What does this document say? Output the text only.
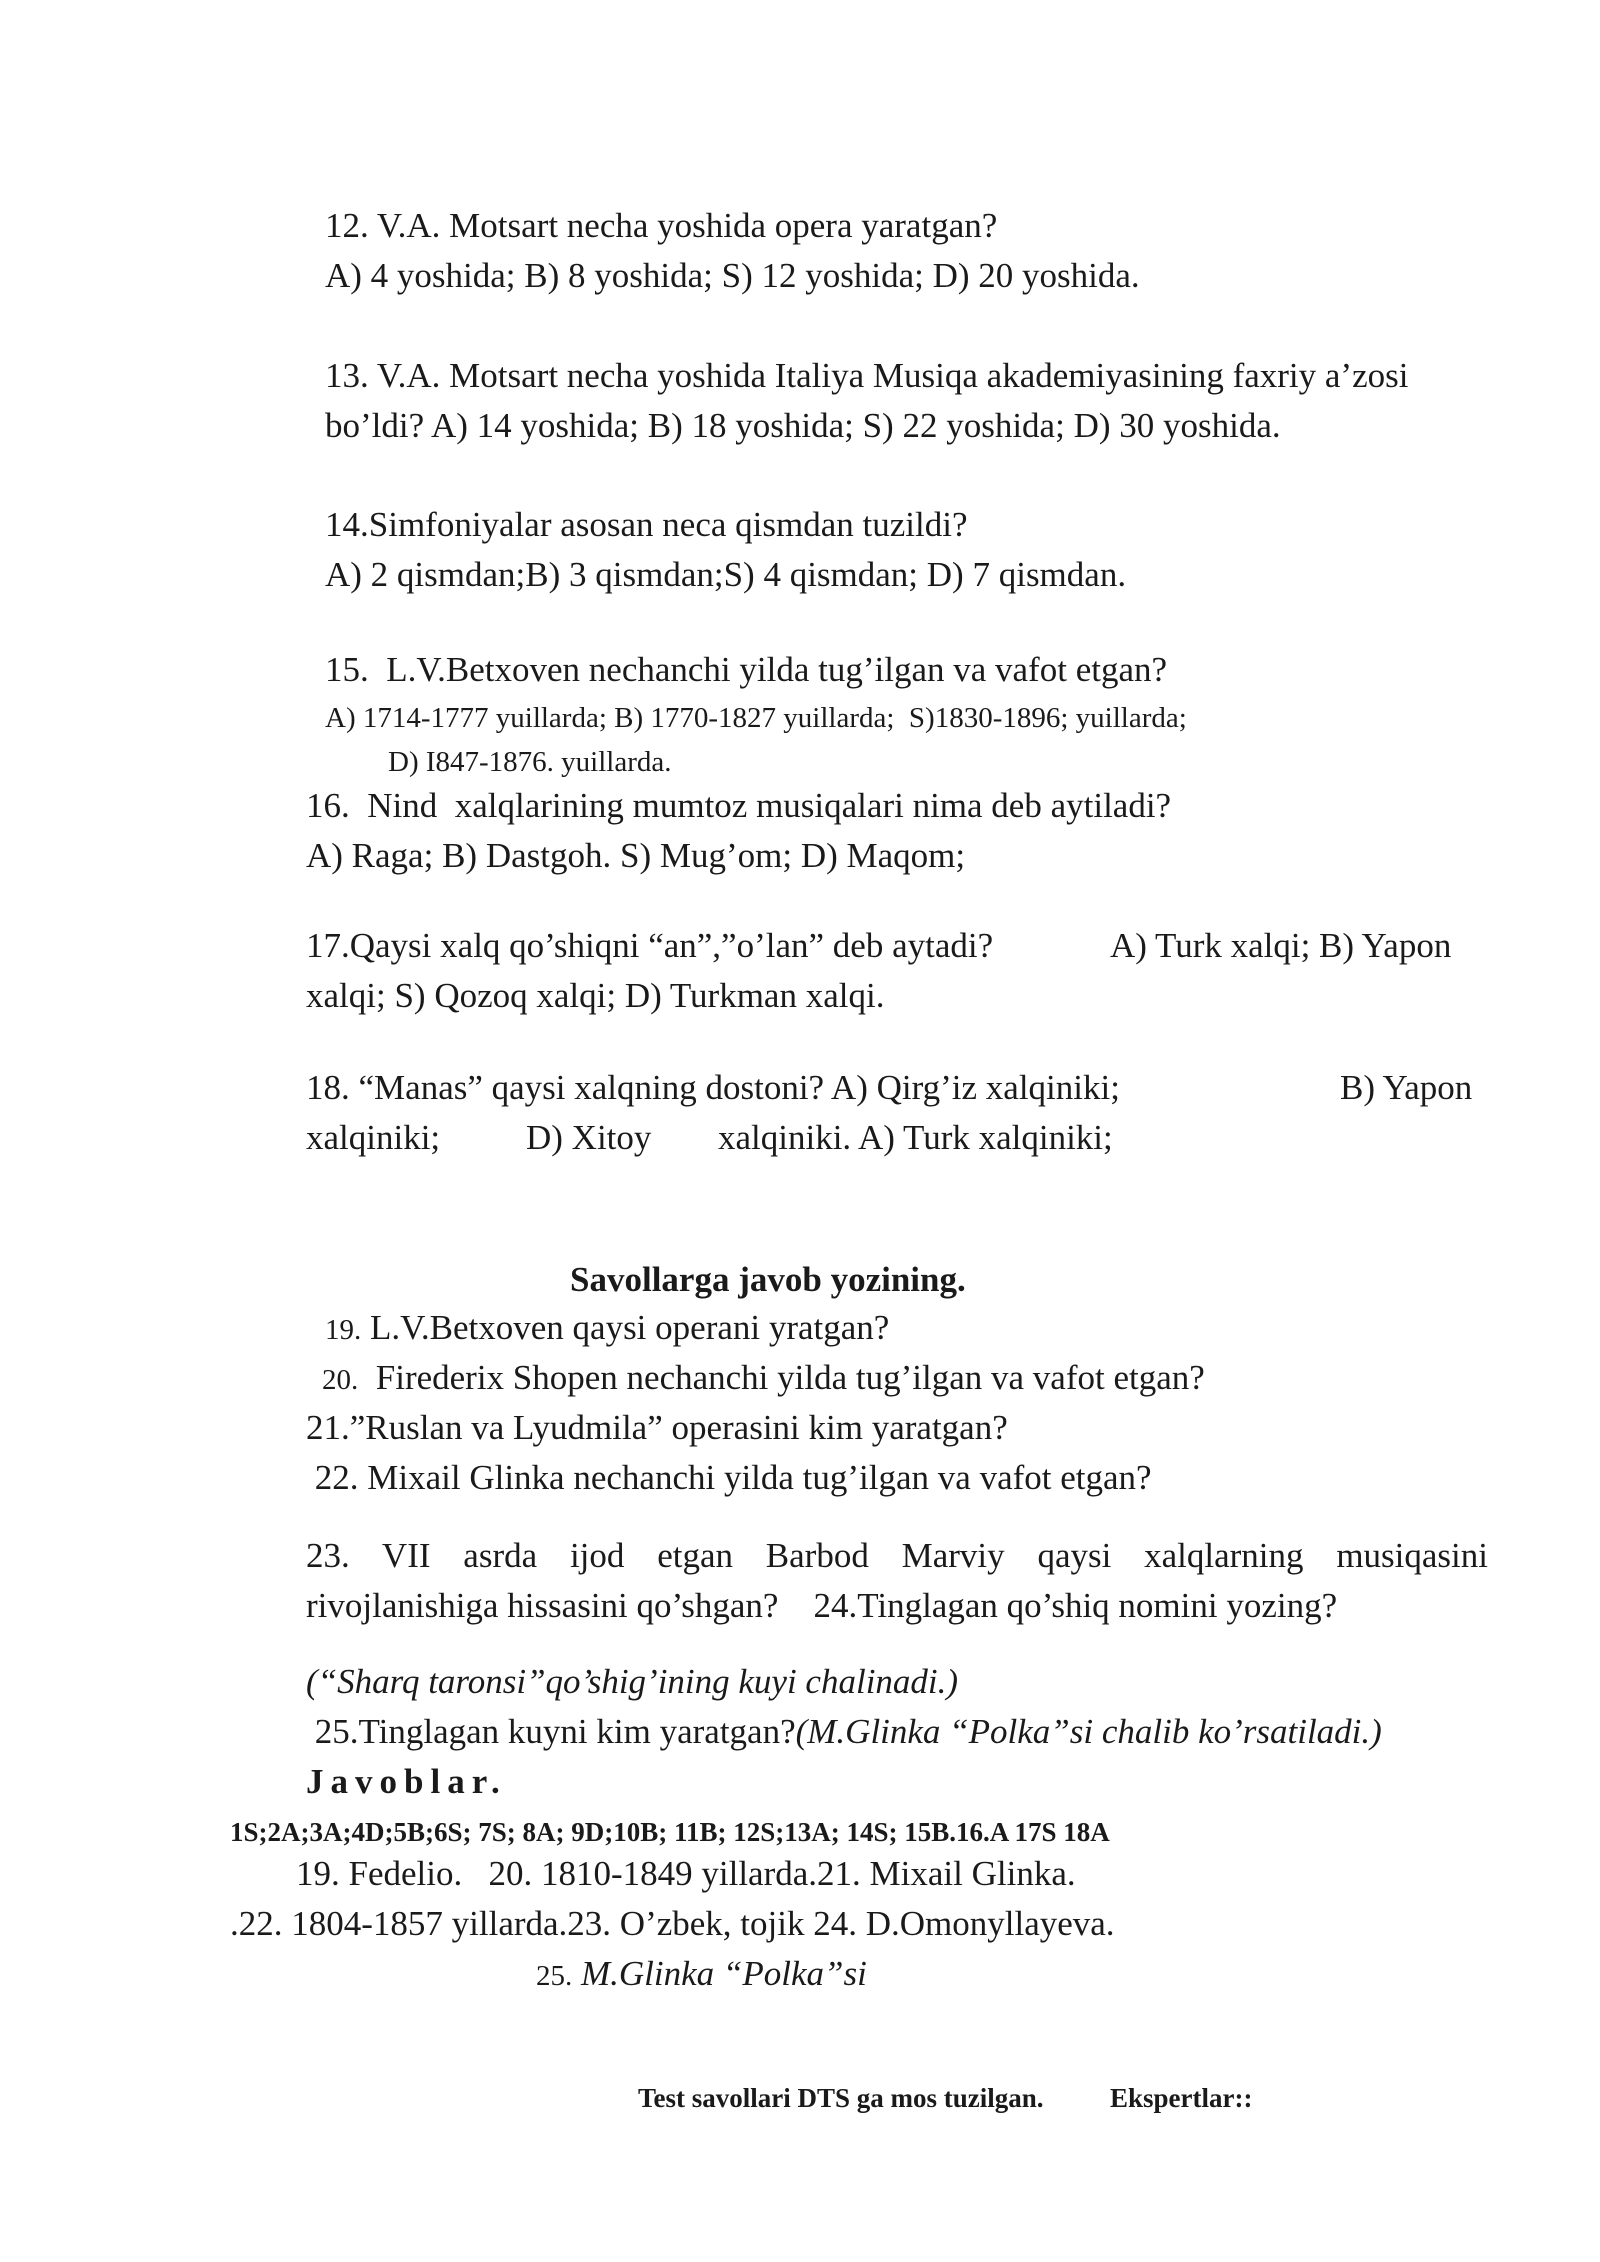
12. V.A. Motsart necha yoshida opera yaratgan?
A) 4 yoshida; B) 8 yoshida; S) 12 yoshida; D) 20 yoshida.
13. V.A. Motsart necha yoshida Italiya Musiqa akademiyasining faxriy a’zosi
bo’ldi? A) 14 yoshida; B) 18 yoshida; S) 22 yoshida; D) 30 yoshida.
14.Simfoniyalar asosan neca qismdan tuzildi?
A) 2 qismdan;B) 3 qismdan;S) 4 qismdan; D) 7 qismdan.
15.  L.V.Betxoven nechanchi yilda tug’ilgan va vafot etgan?
A) 1714-1777 yuillarda; B) 1770-1827 yuillarda;  S)1830-1896; yuillarda;
D) I847-1876. yuillarda.
16.  Nind  xalqlarining mumtoz musiqalari nima deb aytiladi?
A) Raga; B) Dastgoh. S) Mug’om; D) Maqom;
17.Qaysi xalq qo’shiqni “an”,”o’lan” deb aytadi?	A) Turk xalqi; B) Yapon
xalqi; S) Qozoq xalqi; D) Turkman xalqi.
18. “Manas” qaysi xalqning dostoni? A) Qirg’iz xalqiniki;	B) Yapon
xalqiniki; D) Xitoy xalqiniki. A) Turk xalqiniki;
Savollarga javob yozining.
19. L.V.Betxoven qaysi operani yratgan?
20.  Firederix Shopen nechanchi yilda tug’ilgan va vafot etgan?
21.”Ruslan va Lyudmila” operasini kim yaratgan?
22. Mixail Glinka nechanchi yilda tug’ilgan va vafot etgan?
23. VII asrda ijod etgan Barbod Marviy qaysi xalqlarning musiqasini
rivojlanishiga hissasini qo’shgan?    24.Tinglagan qo’shiq nomini yozing?
(“Sharq taronsi”qo’shig’ining kuyi chalinadi.)
25.Tinglagan kuyni kim yaratgan?(M.Glinka “Polka”si chalib ko’rsatiladi.)
Javoblar.
1S;2A;3A;4D;5B;6S; 7S; 8A; 9D;10B; 11B; 12S;13A; 14S; 15B.16.A 17S 18A
19. Fedelio.   20. 1810-1849 yillarda.21. Mixail Glinka.
.22. 1804-1857 yillarda.23. O’zbek, tojik 24. D.Omonyllayeva.
25. M.Glinka “Polka”si
Test savollari DTS ga mos tuzilgan. Ekspertlar::
